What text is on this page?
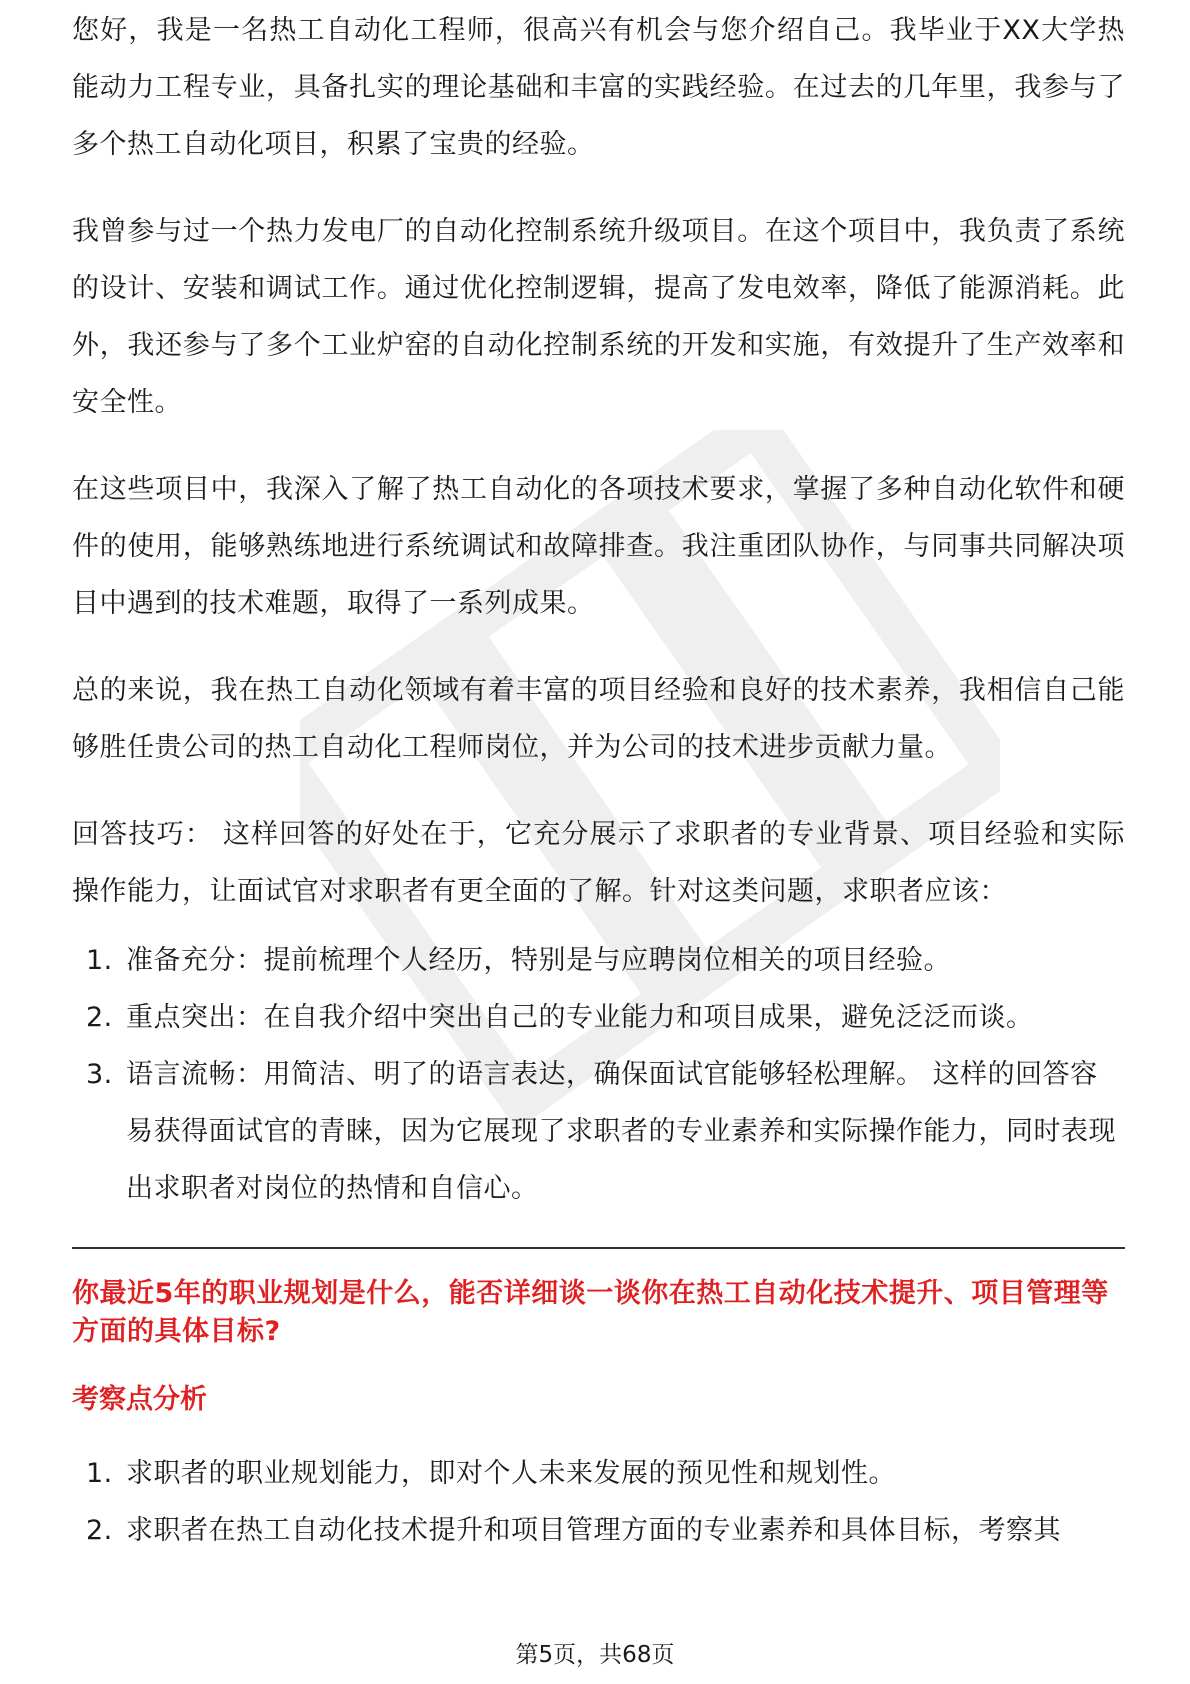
您好，我是一名热工自动化工程师，很高兴有机会与您介绍自己。我毕业于XX大学热能动力工程专业，具备扎实的理论基础和丰富的实践经验。在过去的几年里，我参与了多个热工自动化项目，积累了宝贵的经验。

我曾参与过一个热力发电厂的自动化控制系统升级项目。在这个项目中，我负责了系统的设计、安装和调试工作。通过优化控制逻辑，提高了发电效率，降低了能源消耗。此外，我还参与了多个工业炉窑的自动化控制系统的开发和实施，有效提升了生产效率和安全性。

在这些项目中，我深入了解了热工自动化的各项技术要求，掌握了多种自动化软件和硬件的使用，能够熟练地进行系统调试和故障排查。我注重团队协作，与同事共同解决项目中遇到的技术难题，取得了一系列成果。

总的来说，我在热工自动化领域有着丰富的项目经验和良好的技术素养，我相信自己能够胜任贵公司的热工自动化工程师岗位，并为公司的技术进步贡献力量。

回答技巧： 这样回答的好处在于，它充分展示了求职者的专业背景、项目经验和实际操作能力，让面试官对求职者有更全面的了解。针对这类问题，求职者应该：

1. 准备充分：提前梳理个人经历，特别是与应聘岗位相关的项目经验。
2. 重点突出：在自我介绍中突出自己的专业能力和项目成果，避免泛泛而谈。
3. 语言流畅：用简洁、明了的语言表达，确保面试官能够轻松理解。 这样的回答容易获得面试官的青睐，因为它展现了求职者的专业素养和实际操作能力，同时表现出求职者对岗位的热情和自信心。
你最近5年的职业规划是什么，能否详细谈一谈你在热工自动化技术提升、项目管理等方面的具体目标?
考察点分析
1. 求职者的职业规划能力，即对个人未来发展的预见性和规划性。
2. 求职者在热工自动化技术提升和项目管理方面的专业素养和具体目标，考察其
第5页，共68页
